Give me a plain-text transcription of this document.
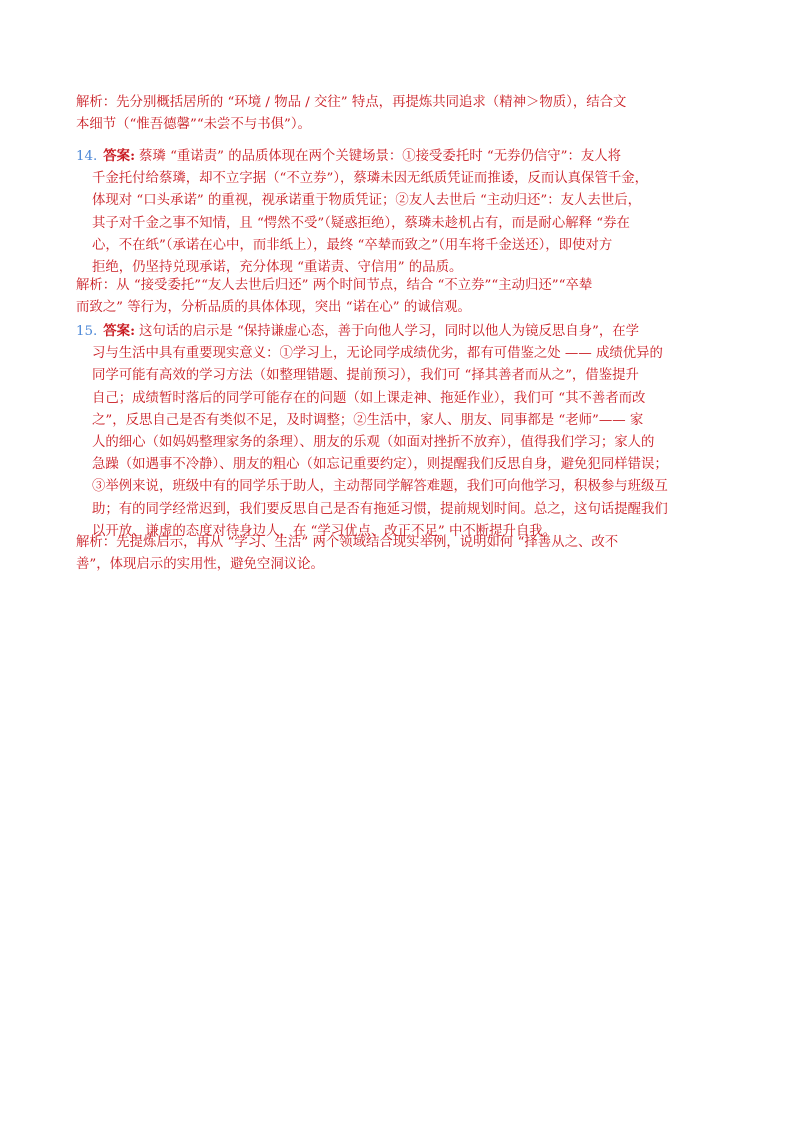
解析：先分别概括居所的 “环境 / 物品 / 交往” 特点，再提炼共同追求（精神＞物质），结合文
本细节（“惟吾德馨”“未尝不与书俱”）。
14. 答案: 蔡璘 “重诺责” 的品质体现在两个关键场景：①接受委托时 “无券仍信守”：友人将
千金托付给蔡璘，却不立字据（“不立券”），蔡璘未因无纸质凭证而推诿，反而认真保管千金，
体现对 “口头承诺” 的重视，视承诺重于物质凭证；②友人去世后 “主动归还”：友人去世后，
其子对千金之事不知情，且 “愕然不受”（疑惑拒绝），蔡璘未趁机占有，而是耐心解释 “券在
心，不在纸”（承诺在心中，而非纸上），最终 “卒辇而致之”（用车将千金送还），即使对方
拒绝，仍坚持兑现承诺，充分体现 “重诺责、守信用” 的品质。
解析：从 “接受委托”“友人去世后归还” 两个时间节点，结合 “不立券”“主动归还”“卒辇
而致之” 等行为，分析品质的具体体现，突出 “诺在心” 的诚信观。
15. 答案: 这句话的启示是 “保持谦虚心态，善于向他人学习，同时以他人为镜反思自身”，在学
习与生活中具有重要现实意义：①学习上，无论同学成绩优劣，都有可借鉴之处 —— 成绩优异的
同学可能有高效的学习方法（如整理错题、提前预习），我们可 “择其善者而从之”，借鉴提升
自己；成绩暂时落后的同学可能存在的问题（如上课走神、拖延作业），我们可 “其不善者而改
之”，反思自己是否有类似不足，及时调整；②生活中，家人、朋友、同事都是 “老师”—— 家
人的细心（如妈妈整理家务的条理）、朋友的乐观（如面对挫折不放弃），值得我们学习；家人的
急躁（如遇事不冷静）、朋友的粗心（如忘记重要约定），则提醒我们反思自身，避免犯同样错误；
③举例来说，班级中有的同学乐于助人，主动帮同学解答难题，我们可向他学习，积极参与班级互
助；有的同学经常迟到，我们要反思自己是否有拖延习惯，提前规划时间。总之，这句话提醒我们
以开放、谦虚的态度对待身边人，在 “学习优点、改正不足” 中不断提升自我。
解析：先提炼启示，再从 “学习、生活” 两个领域结合现实举例，说明如何 “择善从之、改不
善”，体现启示的实用性，避免空洞议论。
